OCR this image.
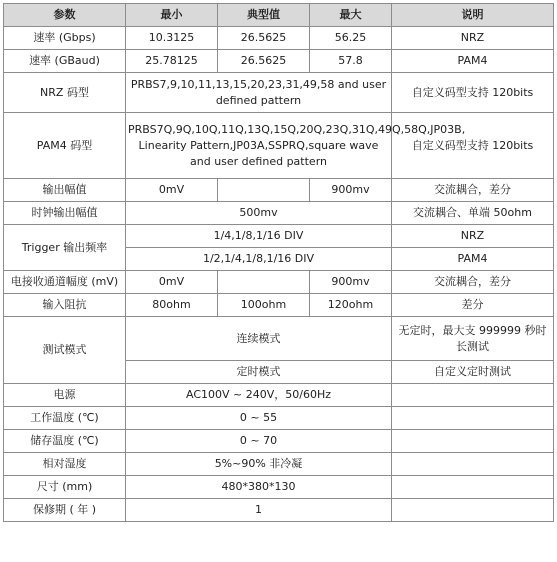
参数	最小	典型值	最大	说明
速率 (Gbps)	10.3125	26.5625	56.25	NRZ
速率 (GBaud)	25.78125	26.5625	57.8	PAM4
NRZ 码型	PRBS7,9,10,11,13,15,20,23,31,49,58 and user defined pattern			自定义码型支持 120bits
PAM4 码型	PRBS7Q,9Q,10Q,11Q,13Q,15Q,20Q,23Q,31Q,49Q,58Q,JP03B, Linearity Pattern,JP03A,SSPRQ,square wave and user defined pattern			自定义码型支持 120bits
输出幅值	0mV		900mv	交流耦合，差分
时钟输出幅值	500mv			交流耦合、单端 50ohm
Trigger 输出频率	1/4,1/8,1/16 DIV			NRZ
	1/2,1/4,1/8,1/16 DIV			PAM4
电接收通道幅度 (mV)	0mV		900mv	交流耦合，差分
输入阻抗	80ohm	100ohm	120ohm	差分
测试模式	连续模式			无定时，最大支 999999 秒时长测试
	定时模式			自定义定时测试
电源	AC100V ~ 240V，50/60Hz			
工作温度 (℃)	0 ~ 55			
储存温度 (℃)	0 ~ 70			
相对湿度	5%~90% 非冷凝			
尺寸 (mm)	480*380*130			
保修期 ( 年 )	1			
